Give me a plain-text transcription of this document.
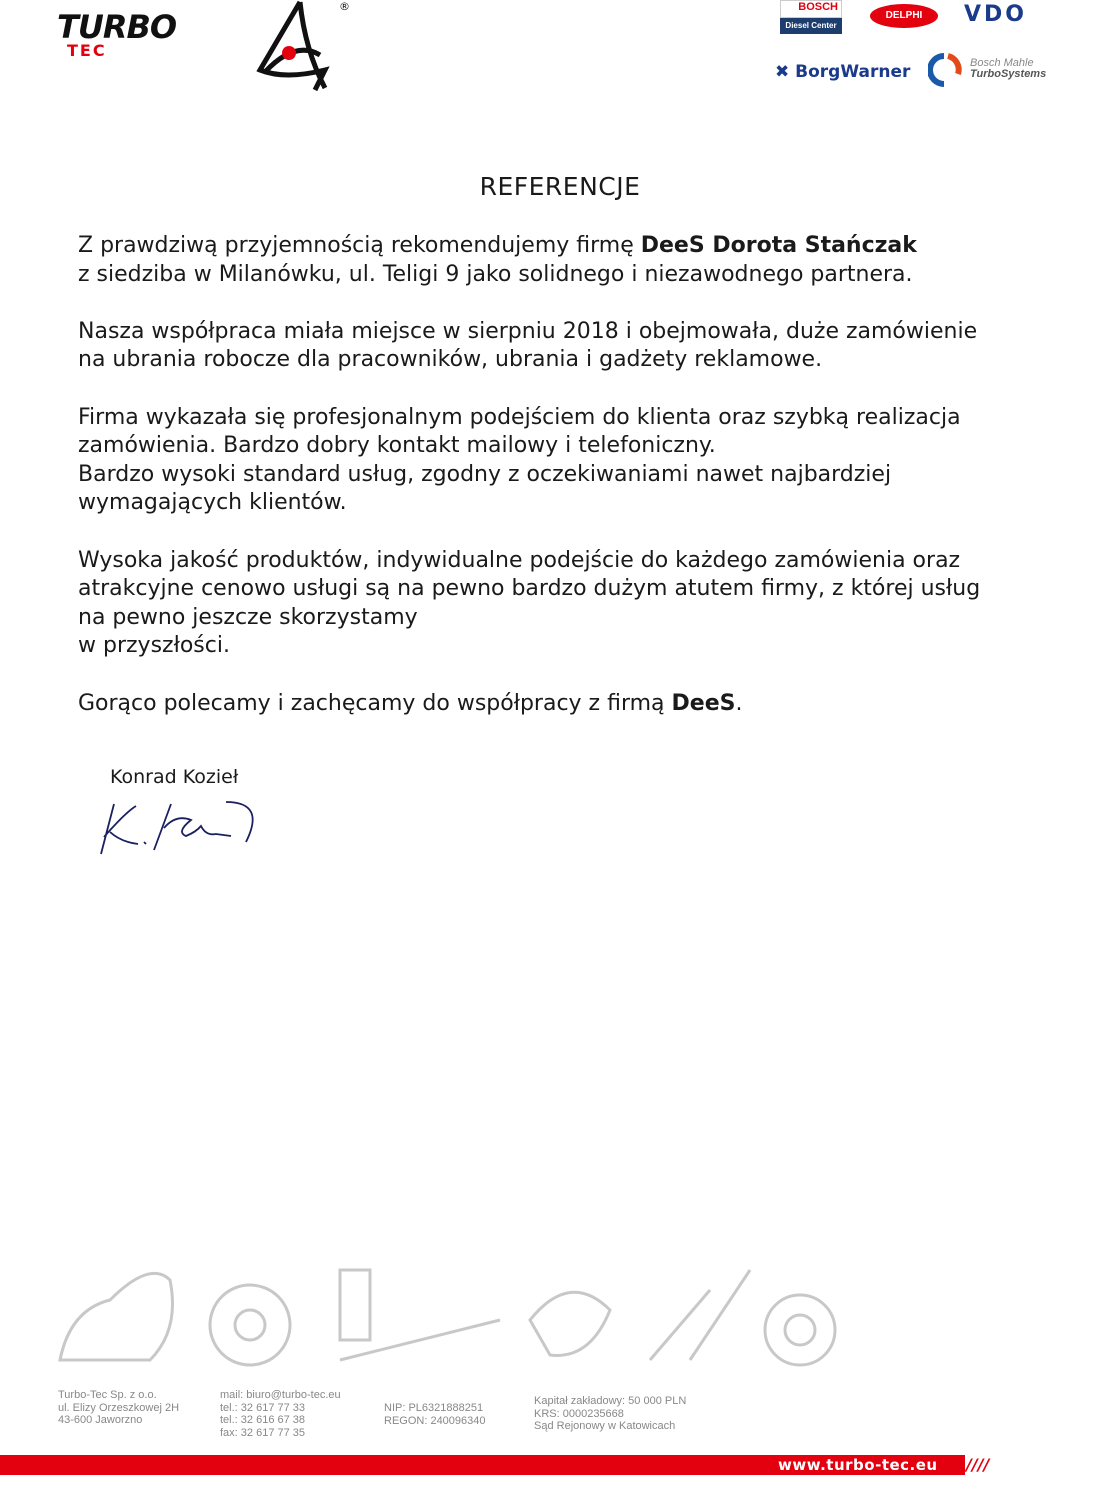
TURBO
TEC
®	BOSCH
Diesel Center
DELPHI	VDO
✖ BorgWarner	Bosch Mahle
TurboSystems
REFERENCJE

Z prawdziwą przyjemnością rekomendujemy firmę DeeS Dorota Stańczak
z siedziba w Milanówku, ul. Teligi 9 jako solidnego i niezawodnego partnera.

Nasza współpraca miała miejsce w sierpniu 2018 i obejmowała, duże zamówienie
na ubrania robocze dla pracowników, ubrania i gadżety reklamowe.

Firma wykazała się profesjonalnym podejściem do klienta oraz szybką realizacja
zamówienia. Bardzo dobry kontakt mailowy i telefoniczny.
Bardzo wysoki standard usług, zgodny z oczekiwaniami nawet najbardziej
wymagających klientów.

Wysoka jakość produktów, indywidualne podejście do każdego zamówienia oraz
atrakcyjne cenowo usługi są na pewno bardzo dużym atutem firmy, z której usług
na pewno jeszcze skorzystamy
w przyszłości.

Gorąco polecamy i zachęcamy do współpracy z firmą DeeS.

Konrad Kozieł
Turbo-Tec Sp. z o.o.
ul. Elizy Orzeszkowej 2H
43-600 Jaworzno
mail: biuro@turbo-tec.eu
tel.: 32 617 77 33
tel.: 32 616 67 38
fax: 32 617 77 35
NIP: PL6321888251
REGON: 240096340
Kapitał zakładowy: 50 000 PLN
KRS: 0000235668
Sąd Rejonowy w Katowicach
////
www.turbo-tec.eu
